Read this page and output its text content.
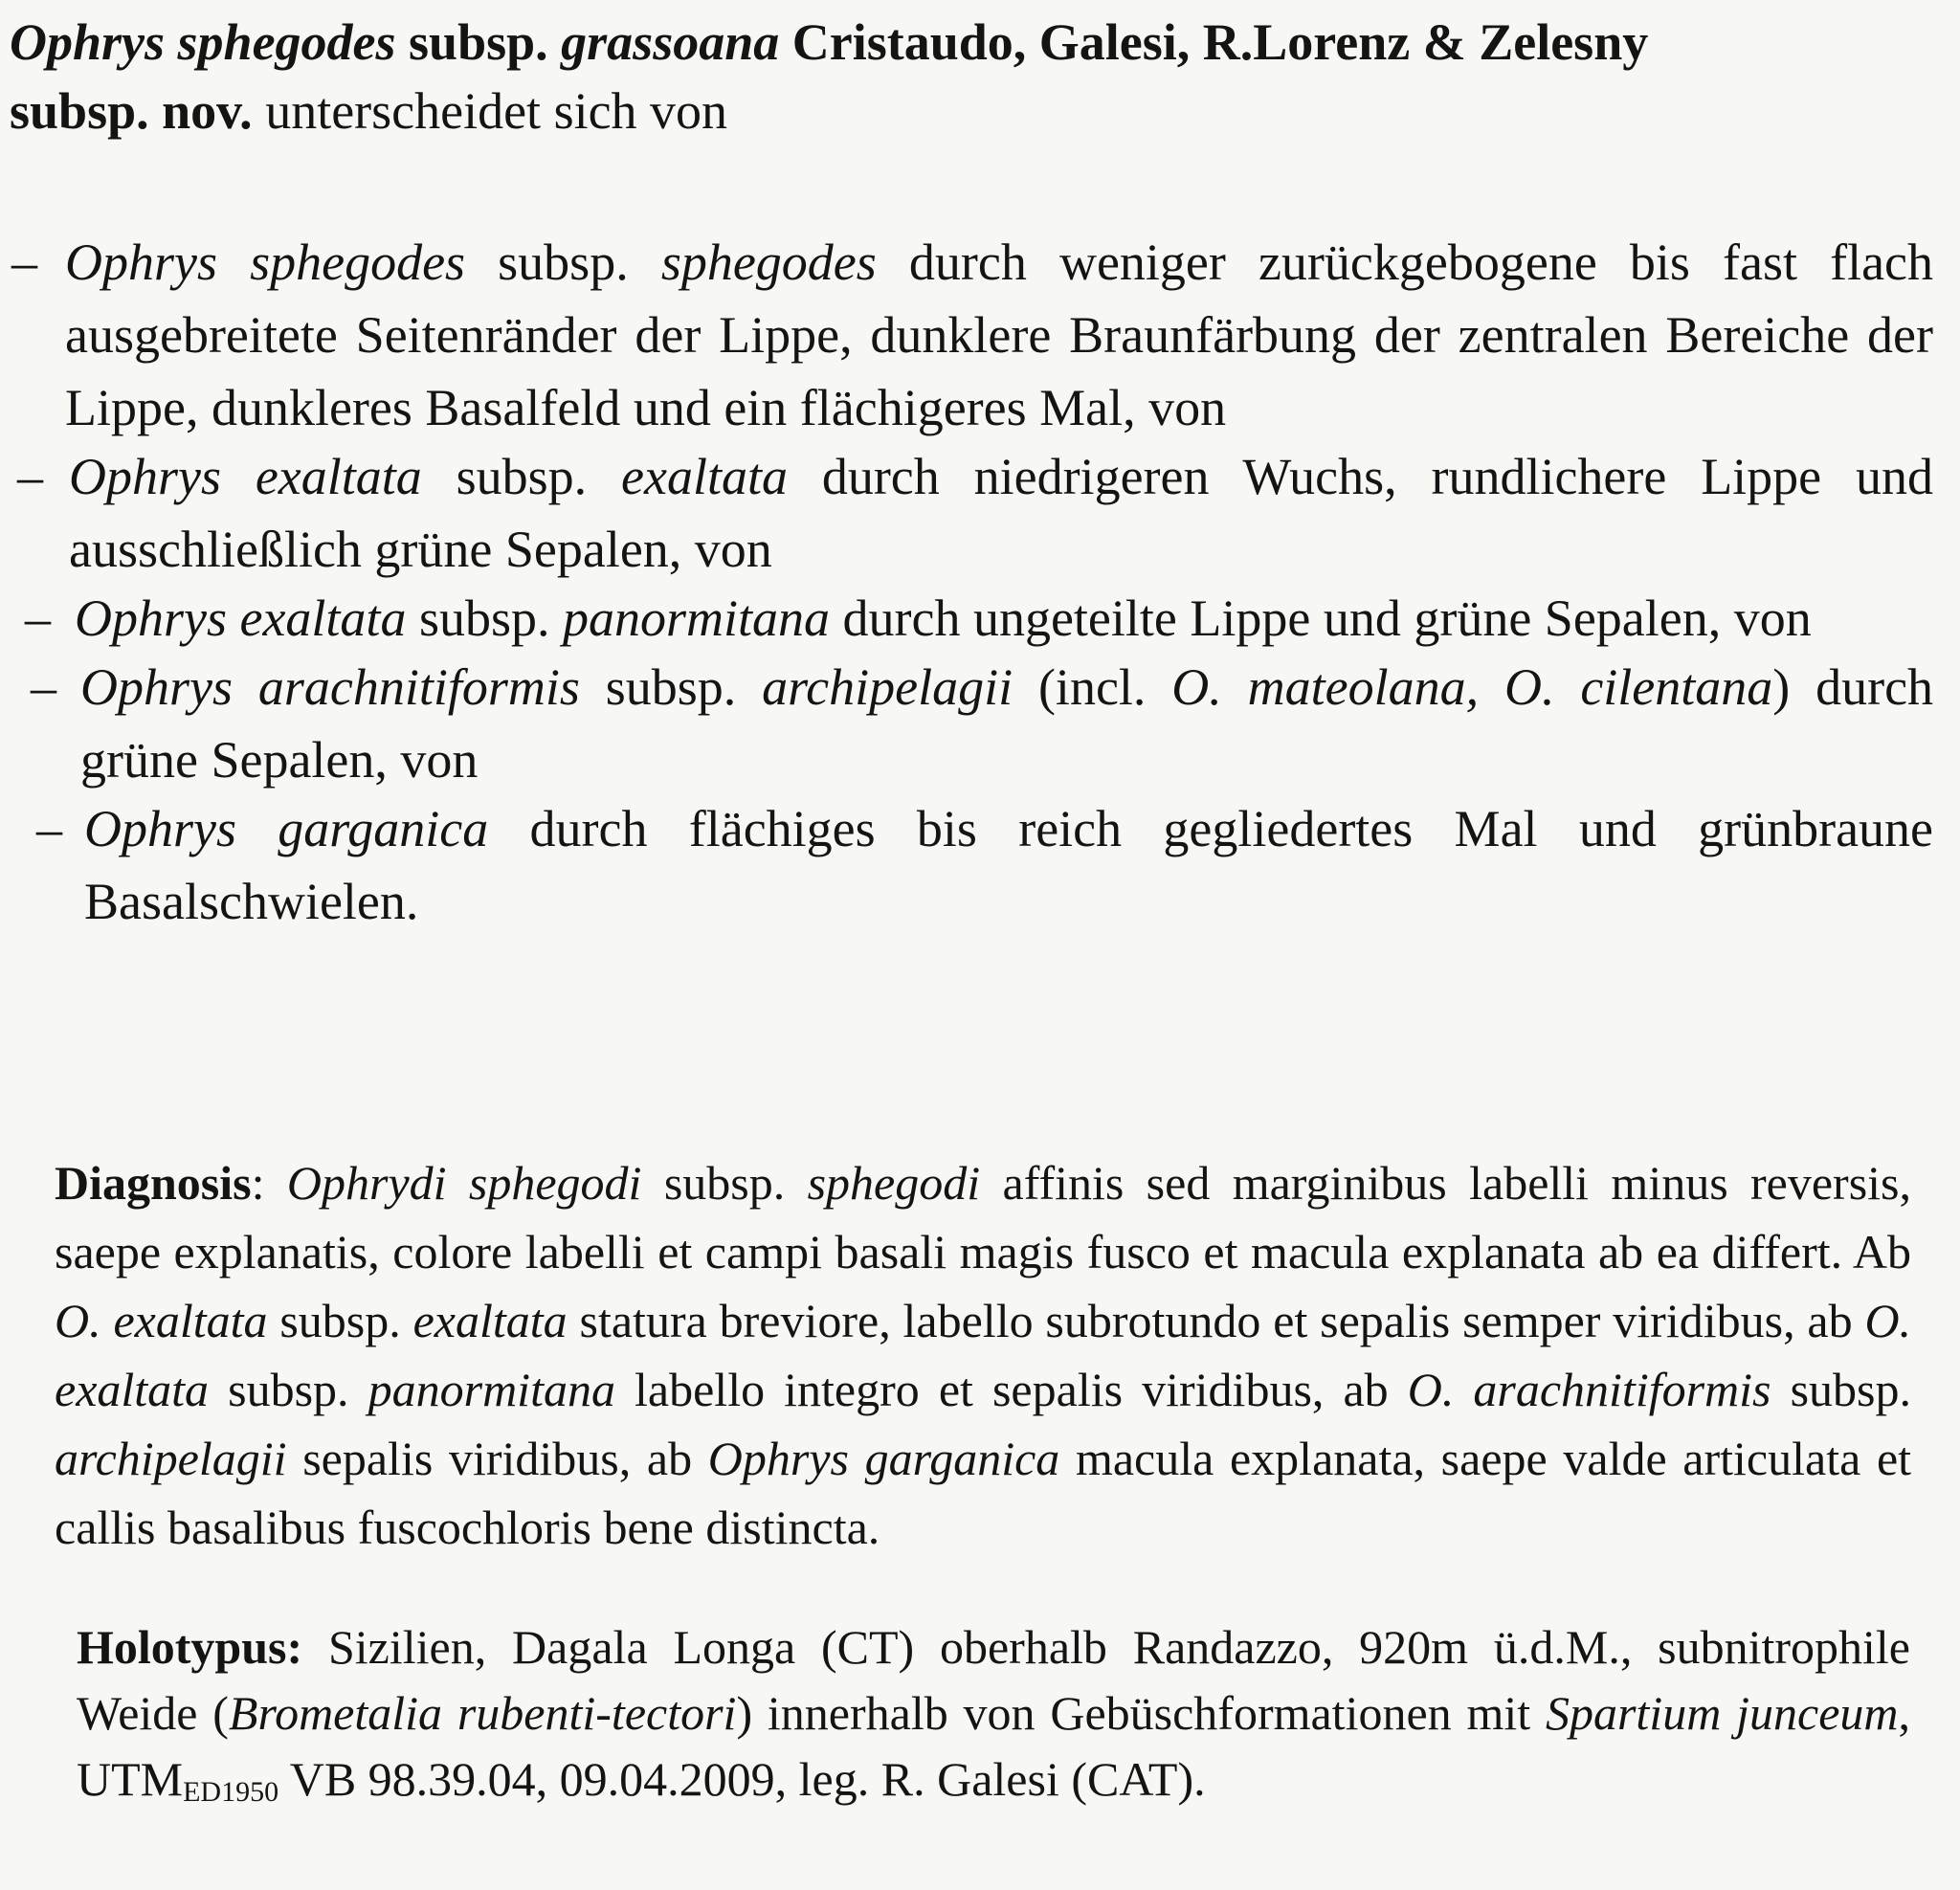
Ophrys sphegodes subsp. grassoana Cristaudo, Galesi, R.Lorenz & Zelesny
subsp. nov. unterscheidet sich von
– Ophrys sphegodes subsp. sphegodes durch weniger zurückgebogene bis fast flach ausgebreitete Seitenränder der Lippe, dunklere Braunfärbung der zentralen Bereiche der Lippe, dunkleres Basalfeld und ein flächigeres Mal, von
– Ophrys exaltata subsp. exaltata durch niedrigeren Wuchs, rundlichere Lippe und ausschließlich grüne Sepalen, von
– Ophrys exaltata subsp. panormitana durch ungeteilte Lippe und grüne Sepalen, von
– Ophrys arachnitiformis subsp. archipelagii (incl. O. mateolana, O. cilentana) durch grüne Sepalen, von
– Ophrys garganica durch flächiges bis reich gegliedertes Mal und grünbraune Basalschwielen.

Diagnosis: Ophrydi sphegodi subsp. sphegodi affinis sed marginibus labelli minus reversis, saepe explanatis, colore labelli et campi basali magis fusco et macula explanata ab ea differt. Ab O. exaltata subsp. exaltata statura breviore, labello subrotundo et sepalis semper viridibus, ab O. exaltata subsp. panormitana labello integro et sepalis viridibus, ab O. arachnitiformis subsp. archipelagii sepalis viridibus, ab Ophrys garganica macula explanata, saepe valde articulata et callis basalibus fuscochloris bene distincta.

Holotypus: Sizilien, Dagala Longa (CT) oberhalb Randazzo, 920m ü.d.M., subnitrophile Weide (Brometalia rubenti-tectori) innerhalb von Gebüschformationen mit Spartium junceum, $UTM_{ED1950}$ VB 98.39.04, 09.04.2009, leg. R. Galesi (CAT).
